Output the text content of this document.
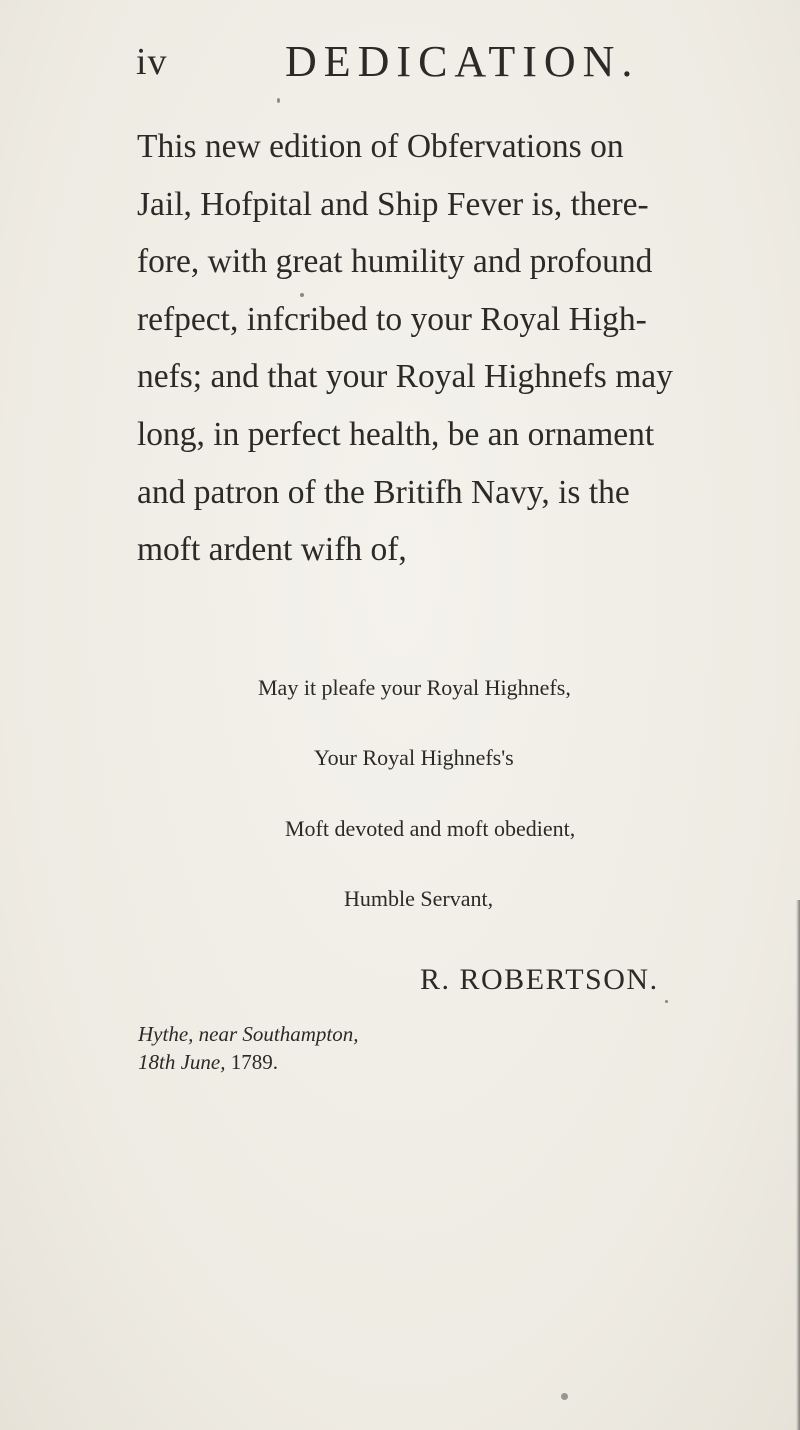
iv	DEDICATION.
This new edition of Obfervations on
Jail, Hofpital and Ship Fever is, there-
fore, with great humility and profound
refpect, infcribed to your Royal High-
nefs; and that your Royal Highnefs may
long, in perfect health, be an ornament
and patron of the Britifh Navy, is the
moft ardent wifh of,
May it pleafe your Royal Highnefs,
Your Royal Highnefs's
Moft devoted and moft obedient,
Humble Servant,
R. ROBERTSON.
Hythe, near Southampton,
18th June, 1789.
